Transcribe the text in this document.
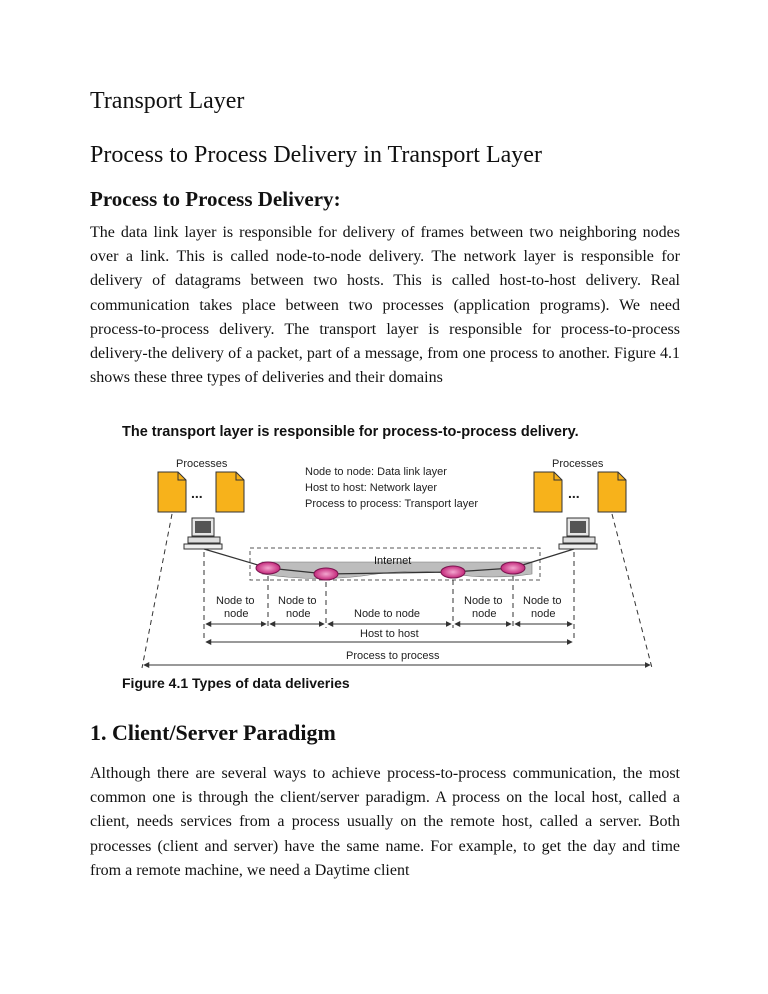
Transport Layer
Process to Process Delivery in Transport Layer
Process to Process Delivery:

The data link layer is responsible for delivery of frames between two neighboring nodes over a link. This is called node-to-node delivery. The network layer is responsible for delivery of datagrams between two hosts. This is called host-to-host delivery. Real communication takes place between two processes (application programs). We need process-to-process delivery. The transport layer is responsible for process-to-process delivery-the delivery of a packet, part of a message, from one process to another. Figure 4.1 shows these three types of deliveries and their domains

The transport layer is responsible for process-to-process delivery.
Processes
...
Processes
...
Node to node: Data link layer
Host to host: Network layer
Process to process: Transport layer
Internet
Node to
node
Node to
node	Node to node
Node to
node
Node to
node
Host to host
Process to process
Figure 4.1 Types of data deliveries
1. Client/Server Paradigm

Although there are several ways to achieve process-to-process communication, the most common one is through the client/server paradigm. A process on the local host, called a client, needs services from a process usually on the remote host, called a server. Both processes (client and server) have the same name. For example, to get the day and time from a remote machine, we need a Daytime client
